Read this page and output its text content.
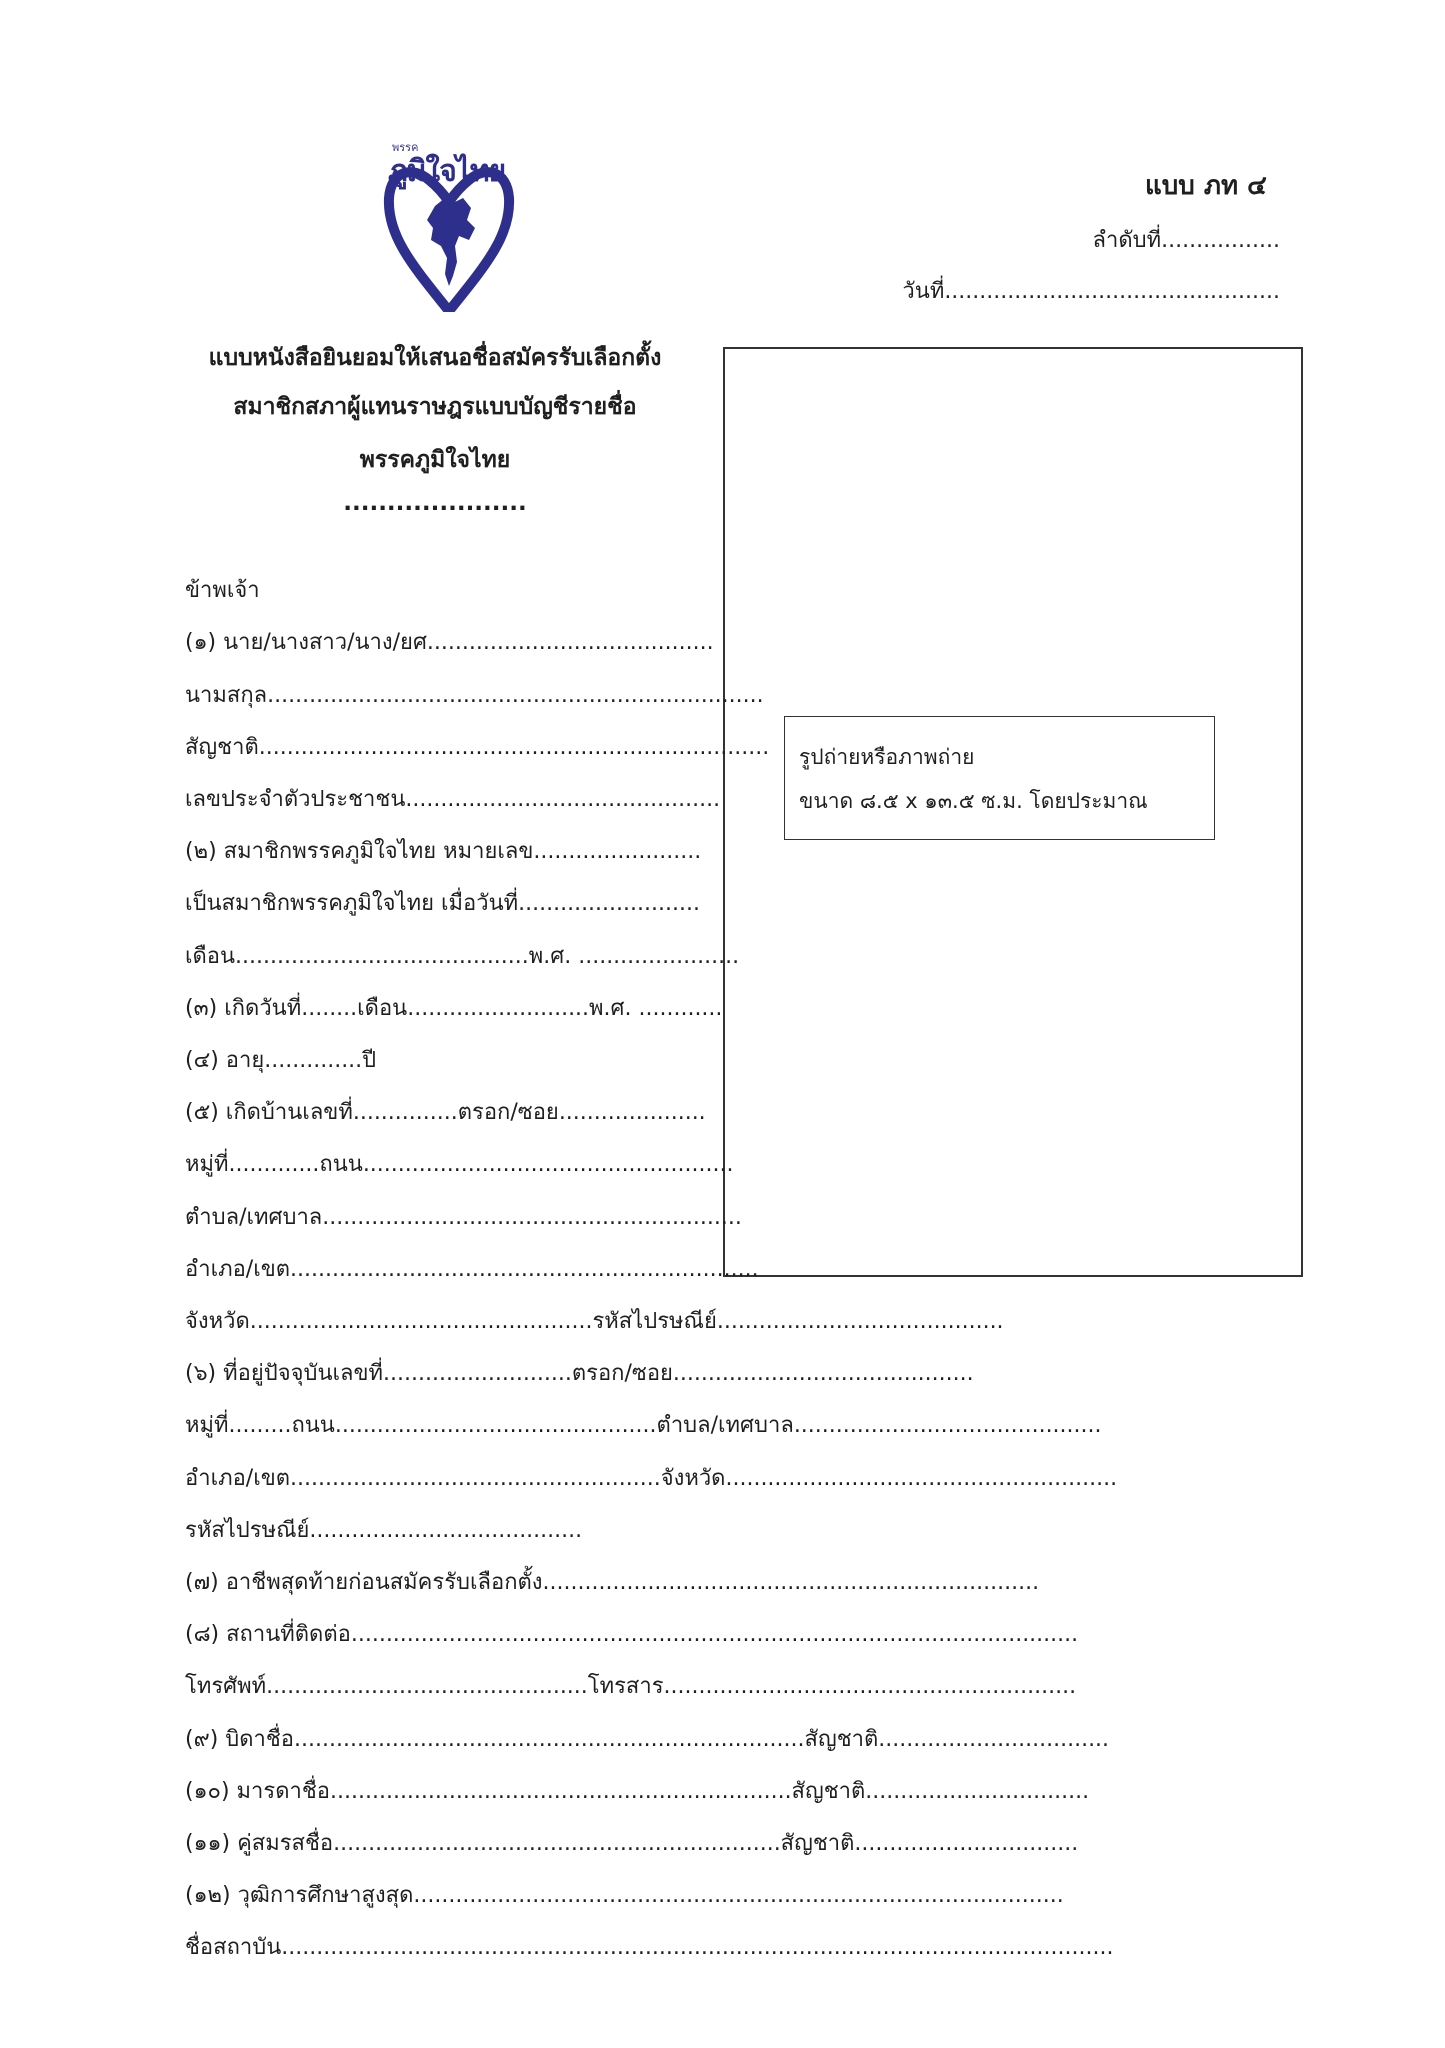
พรรค
ภูมิใจไทย	แบบ ภท ๔
ลำดับที่.................
วันที่................................................
แบบหนังสือยินยอมให้เสนอชื่อสมัครรับเลือกตั้ง
สมาชิกสภาผู้แทนราษฎรแบบบัญชีรายชื่อ
พรรคภูมิใจไทย
.....................
รูปถ่ายหรือภาพถ่าย
ขนาด ๘.๕ x ๑๓.๕ ซ.ม. โดยประมาณ
ข้าพเจ้า
(๑) นาย/นางสาว/นาง/ยศ.........................................
นามสกุล.......................................................................
สัญชาติ.........................................................................
เลขประจำตัวประชาชน.............................................
(๒) สมาชิกพรรคภูมิใจไทย หมายเลข........................
เป็นสมาชิกพรรคภูมิใจไทย เมื่อวันที่..........................
เดือน..........................................พ.ศ. .......................
(๓) เกิดวันที่........เดือน..........................พ.ศ. ............
(๔) อายุ..............ปี
(๕) เกิดบ้านเลขที่...............ตรอก/ซอย.....................
หมู่ที่.............ถนน.....................................................
ตำบล/เทศบาล............................................................
อำเภอ/เขต...................................................................
จังหวัด.................................................รหัสไปรษณีย์.........................................
(๖) ที่อยู่ปัจจุบันเลขที่...........................ตรอก/ซอย...........................................
หมู่ที่.........ถนน..............................................ตำบล/เทศบาล............................................
อำเภอ/เขต.....................................................จังหวัด........................................................
รหัสไปรษณีย์.......................................
(๗) อาชีพสุดท้ายก่อนสมัครรับเลือกตั้ง.......................................................................
(๘) สถานที่ติดต่อ........................................................................................................
โทรศัพท์..............................................โทรสาร...........................................................
(๙) บิดาชื่อ.........................................................................สัญชาติ.................................
(๑๐) มารดาชื่อ..................................................................สัญชาติ................................
(๑๑) คู่สมรสชื่อ................................................................สัญชาติ................................
(๑๒) วุฒิการศึกษาสูงสุด.............................................................................................
ชื่อสถาบัน.......................................................................................................................
